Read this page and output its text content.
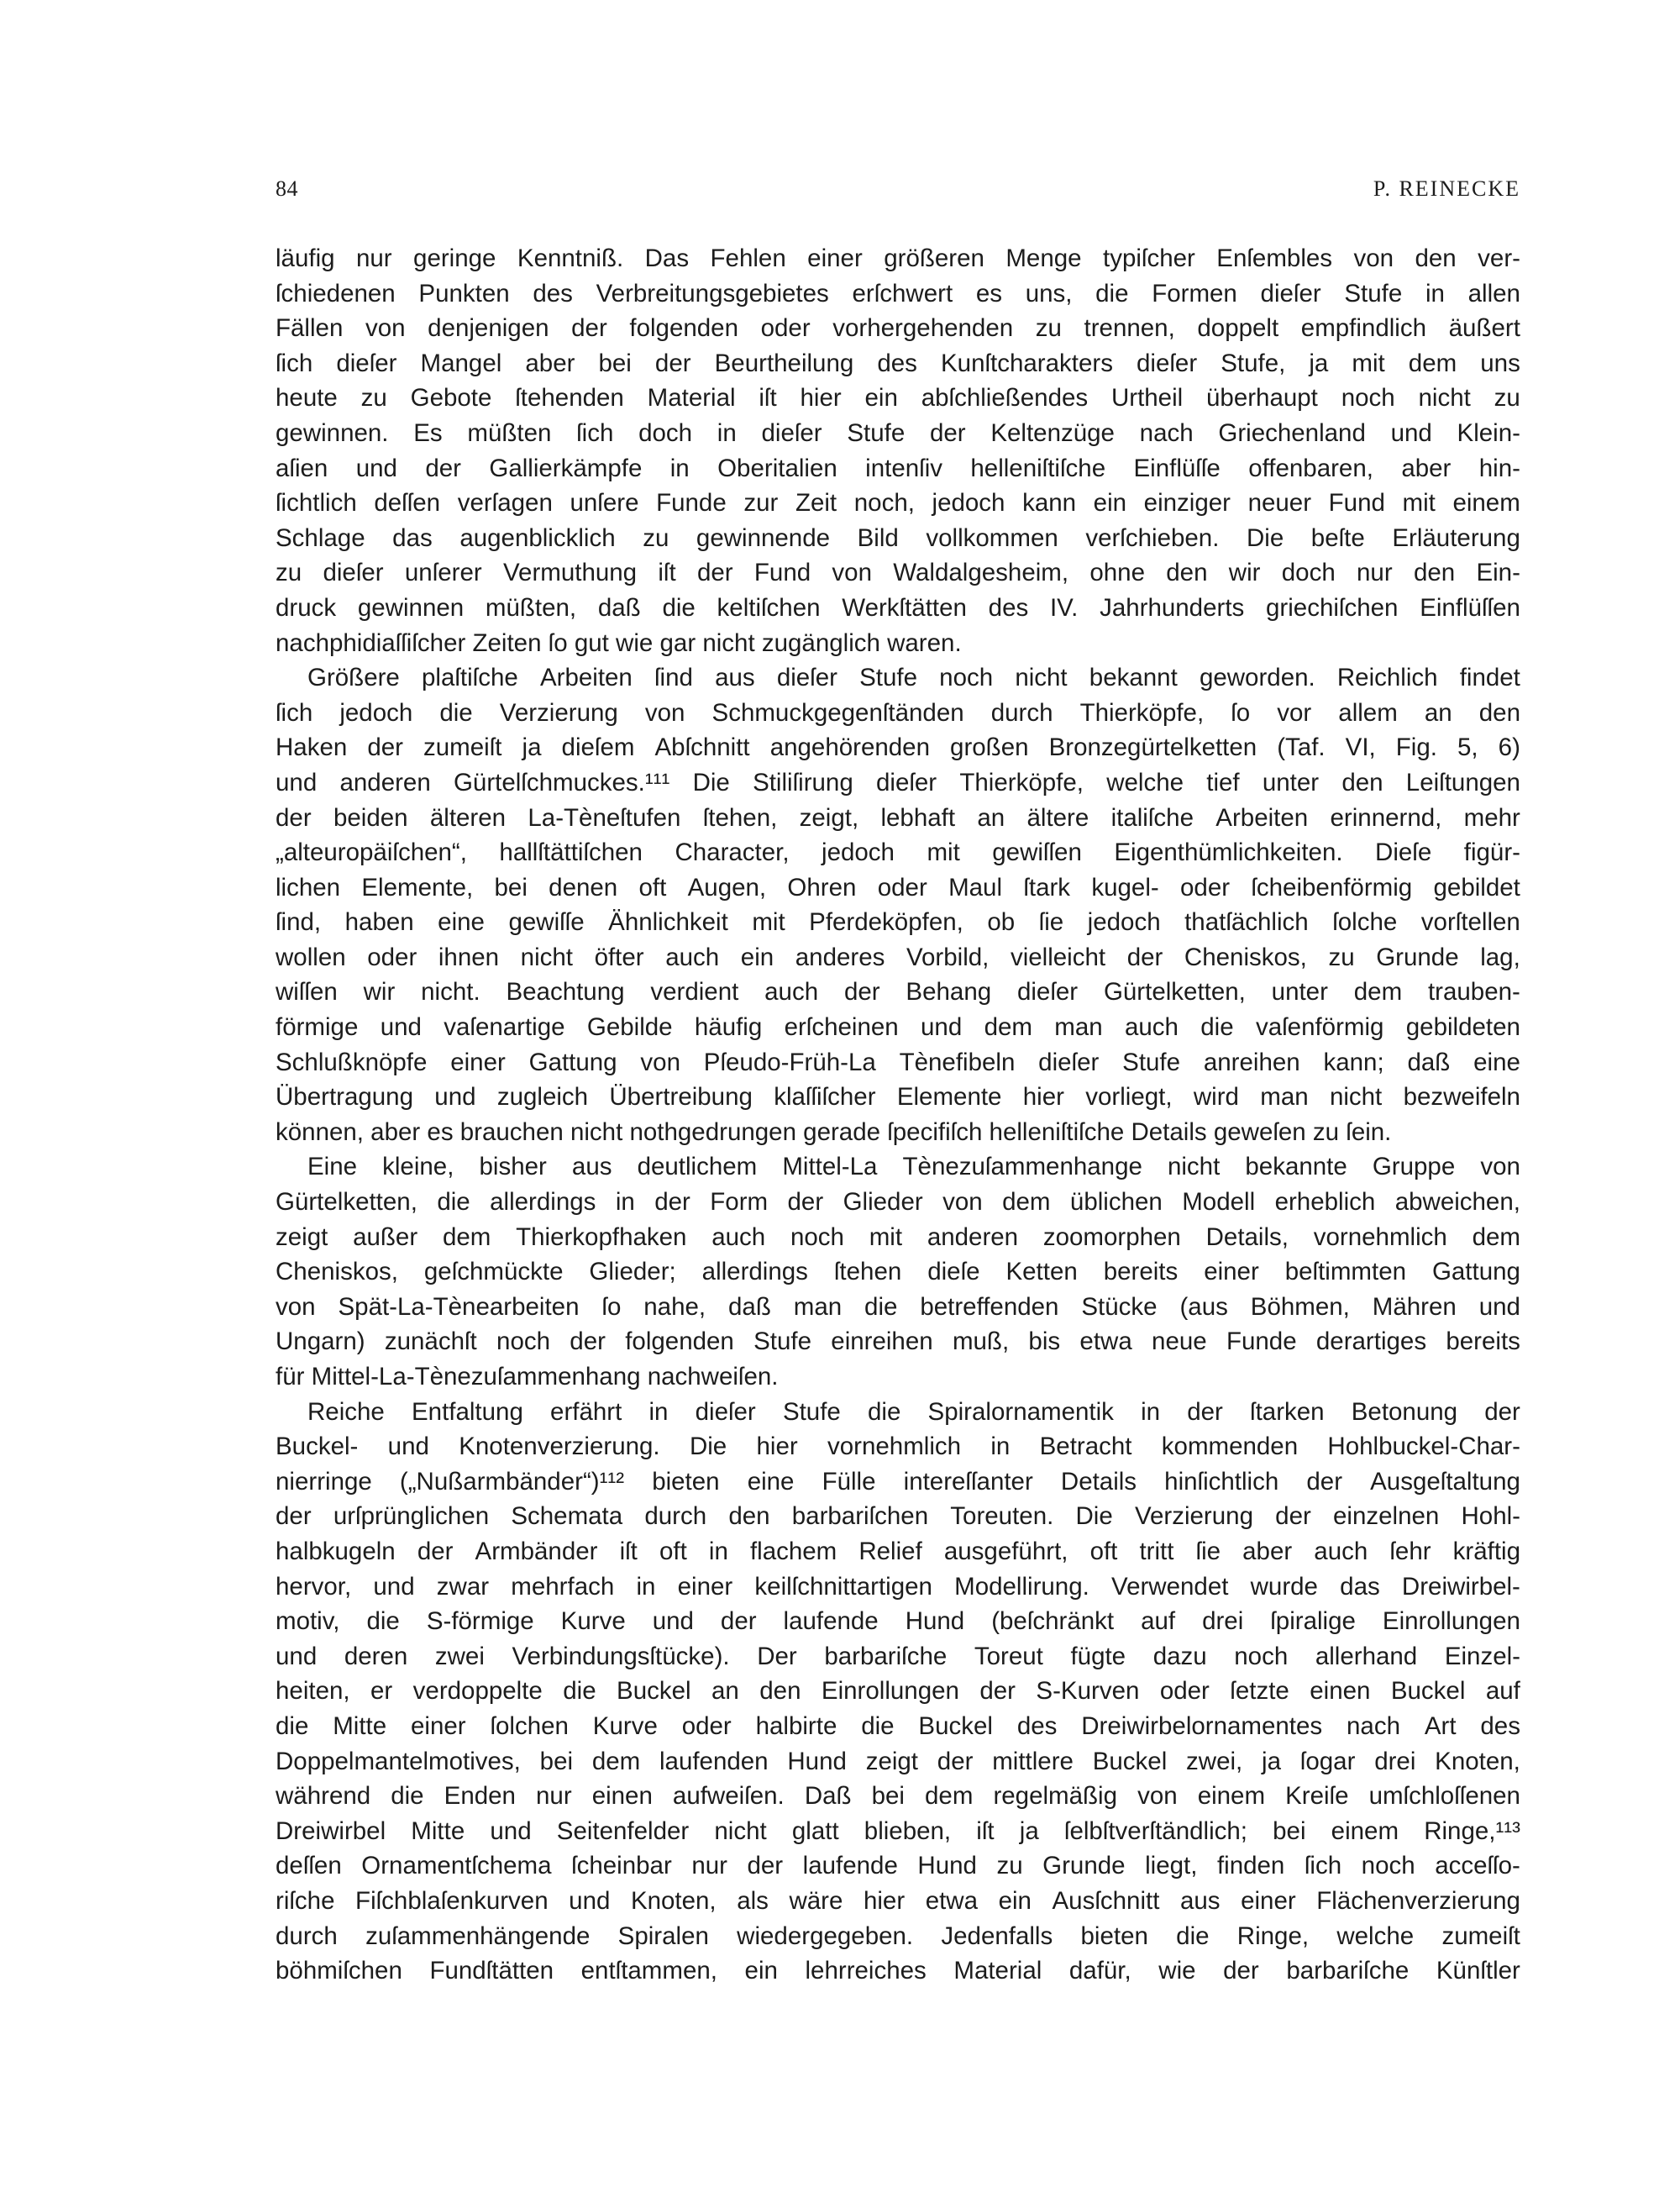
84	P. REINECKE
läufig nur geringe Kenntniß. Das Fehlen einer größeren Menge typiſcher Enſembles von den ver-
ſchiedenen Punkten des Verbreitungsgebietes erſchwert es uns, die Formen dieſer Stufe in allen
Fällen von denjenigen der folgenden oder vorhergehenden zu trennen, doppelt empfindlich äußert
ſich dieſer Mangel aber bei der Beurtheilung des Kunſtcharakters dieſer Stufe, ja mit dem uns
heute zu Gebote ſtehenden Material iſt hier ein abſchließendes Urtheil überhaupt noch nicht zu
gewinnen. Es müßten ſich doch in dieſer Stufe der Keltenzüge nach Griechenland und Klein-
aſien und der Gallierkämpfe in Oberitalien intenſiv helleniſtiſche Einflüſſe offenbaren, aber hin-
ſichtlich deſſen verſagen unſere Funde zur Zeit noch, jedoch kann ein einziger neuer Fund mit einem
Schlage das augenblicklich zu gewinnende Bild vollkommen verſchieben. Die beſte Erläuterung
zu dieſer unſerer Vermuthung iſt der Fund von Waldalgesheim, ohne den wir doch nur den Ein-
druck gewinnen müßten, daß die keltiſchen Werkſtätten des IV. Jahrhunderts griechiſchen Einflüſſen
nachphidiaſſiſcher Zeiten ſo gut wie gar nicht zugänglich waren.
Größere plaſtiſche Arbeiten ſind aus dieſer Stufe noch nicht bekannt geworden. Reichlich findet
ſich jedoch die Verzierung von Schmuckgegenſtänden durch Thierköpfe, ſo vor allem an den
Haken der zumeiſt ja dieſem Abſchnitt angehörenden großen Bronzegürtelketten (Taf. VI, Fig. 5, 6)
und anderen Gürtelſchmuckes.¹¹¹ Die Stiliſirung dieſer Thierköpfe, welche tief unter den Leiſtungen
der beiden älteren La-Tèneſtufen ſtehen, zeigt, lebhaft an ältere italiſche Arbeiten erinnernd, mehr
„alteuropäiſchen“, hallſtättiſchen Character, jedoch mit gewiſſen Eigenthümlichkeiten. Dieſe figür-
lichen Elemente, bei denen oft Augen, Ohren oder Maul ſtark kugel- oder ſcheibenförmig gebildet
ſind, haben eine gewiſſe Ähnlichkeit mit Pferdeköpfen, ob ſie jedoch thatſächlich ſolche vorſtellen
wollen oder ihnen nicht öfter auch ein anderes Vorbild, vielleicht der Cheniskos, zu Grunde lag,
wiſſen wir nicht. Beachtung verdient auch der Behang dieſer Gürtelketten, unter dem trauben-
förmige und vaſenartige Gebilde häufig erſcheinen und dem man auch die vaſenförmig gebildeten
Schlußknöpfe einer Gattung von Pſeudo-Früh-La Tènefibeln dieſer Stufe anreihen kann; daß eine
Übertragung und zugleich Übertreibung klaſſiſcher Elemente hier vorliegt, wird man nicht bezweifeln
können, aber es brauchen nicht nothgedrungen gerade ſpecifiſch helleniſtiſche Details geweſen zu ſein.
Eine kleine, bisher aus deutlichem Mittel-La Tènezuſammenhange nicht bekannte Gruppe von
Gürtelketten, die allerdings in der Form der Glieder von dem üblichen Modell erheblich abweichen,
zeigt außer dem Thierkopfhaken auch noch mit anderen zoomorphen Details, vornehmlich dem
Cheniskos, geſchmückte Glieder; allerdings ſtehen dieſe Ketten bereits einer beſtimmten Gattung
von Spät-La-Tènearbeiten ſo nahe, daß man die betreffenden Stücke (aus Böhmen, Mähren und
Ungarn) zunächſt noch der folgenden Stufe einreihen muß, bis etwa neue Funde derartiges bereits
für Mittel-La-Tènezuſammenhang nachweiſen.
Reiche Entfaltung erfährt in dieſer Stufe die Spiralornamentik in der ſtarken Betonung der
Buckel- und Knotenverzierung. Die hier vornehmlich in Betracht kommenden Hohlbuckel-Char-
nierringe („Nußarmbänder“)¹¹² bieten eine Fülle intereſſanter Details hinſichtlich der Ausgeſtaltung
der urſprünglichen Schemata durch den barbariſchen Toreuten. Die Verzierung der einzelnen Hohl-
halbkugeln der Armbänder iſt oft in flachem Relief ausgeführt, oft tritt ſie aber auch ſehr kräftig
hervor, und zwar mehrfach in einer keilſchnittartigen Modellirung. Verwendet wurde das Dreiwirbel-
motiv, die S-förmige Kurve und der laufende Hund (beſchränkt auf drei ſpiralige Einrollungen
und deren zwei Verbindungsſtücke). Der barbariſche Toreut fügte dazu noch allerhand Einzel-
heiten, er verdoppelte die Buckel an den Einrollungen der S-Kurven oder ſetzte einen Buckel auf
die Mitte einer ſolchen Kurve oder halbirte die Buckel des Dreiwirbelornamentes nach Art des
Doppelmantelmotives, bei dem laufenden Hund zeigt der mittlere Buckel zwei, ja ſogar drei Knoten,
während die Enden nur einen aufweiſen. Daß bei dem regelmäßig von einem Kreiſe umſchloſſenen
Dreiwirbel Mitte und Seitenfelder nicht glatt blieben, iſt ja ſelbſtverſtändlich; bei einem Ringe,¹¹³
deſſen Ornamentſchema ſcheinbar nur der laufende Hund zu Grunde liegt, finden ſich noch acceſſo-
riſche Fiſchblaſenkurven und Knoten, als wäre hier etwa ein Ausſchnitt aus einer Flächenverzierung
durch zuſammenhängende Spiralen wiedergegeben. Jedenfalls bieten die Ringe, welche zumeiſt
böhmiſchen Fundſtätten entſtammen, ein lehrreiches Material dafür, wie der barbariſche Künſtler
